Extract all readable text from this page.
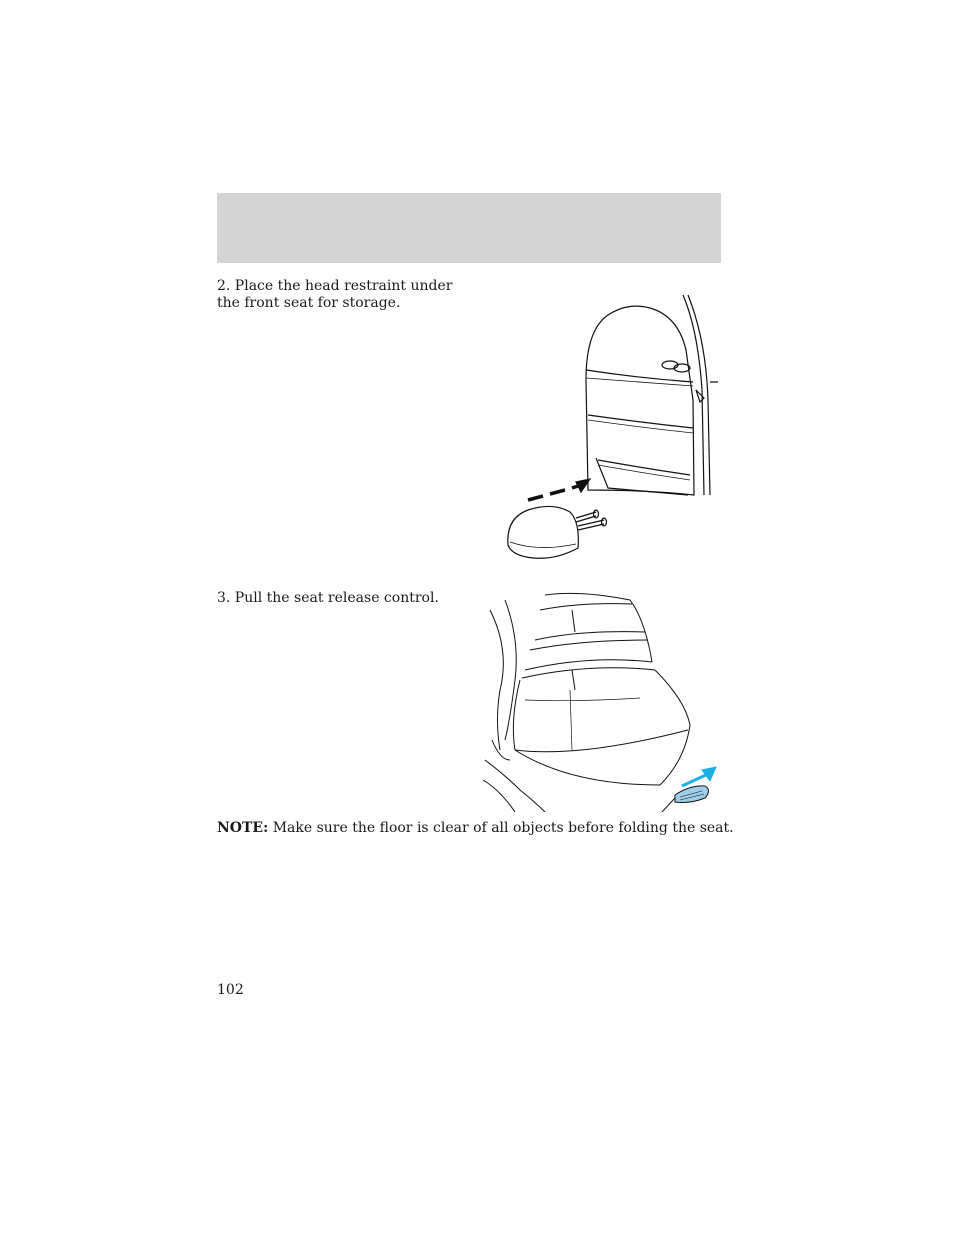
2. Place the head restraint under the front seat for storage.
3. Pull the seat release control.
NOTE: Make sure the floor is clear of all objects before folding the seat.
102
